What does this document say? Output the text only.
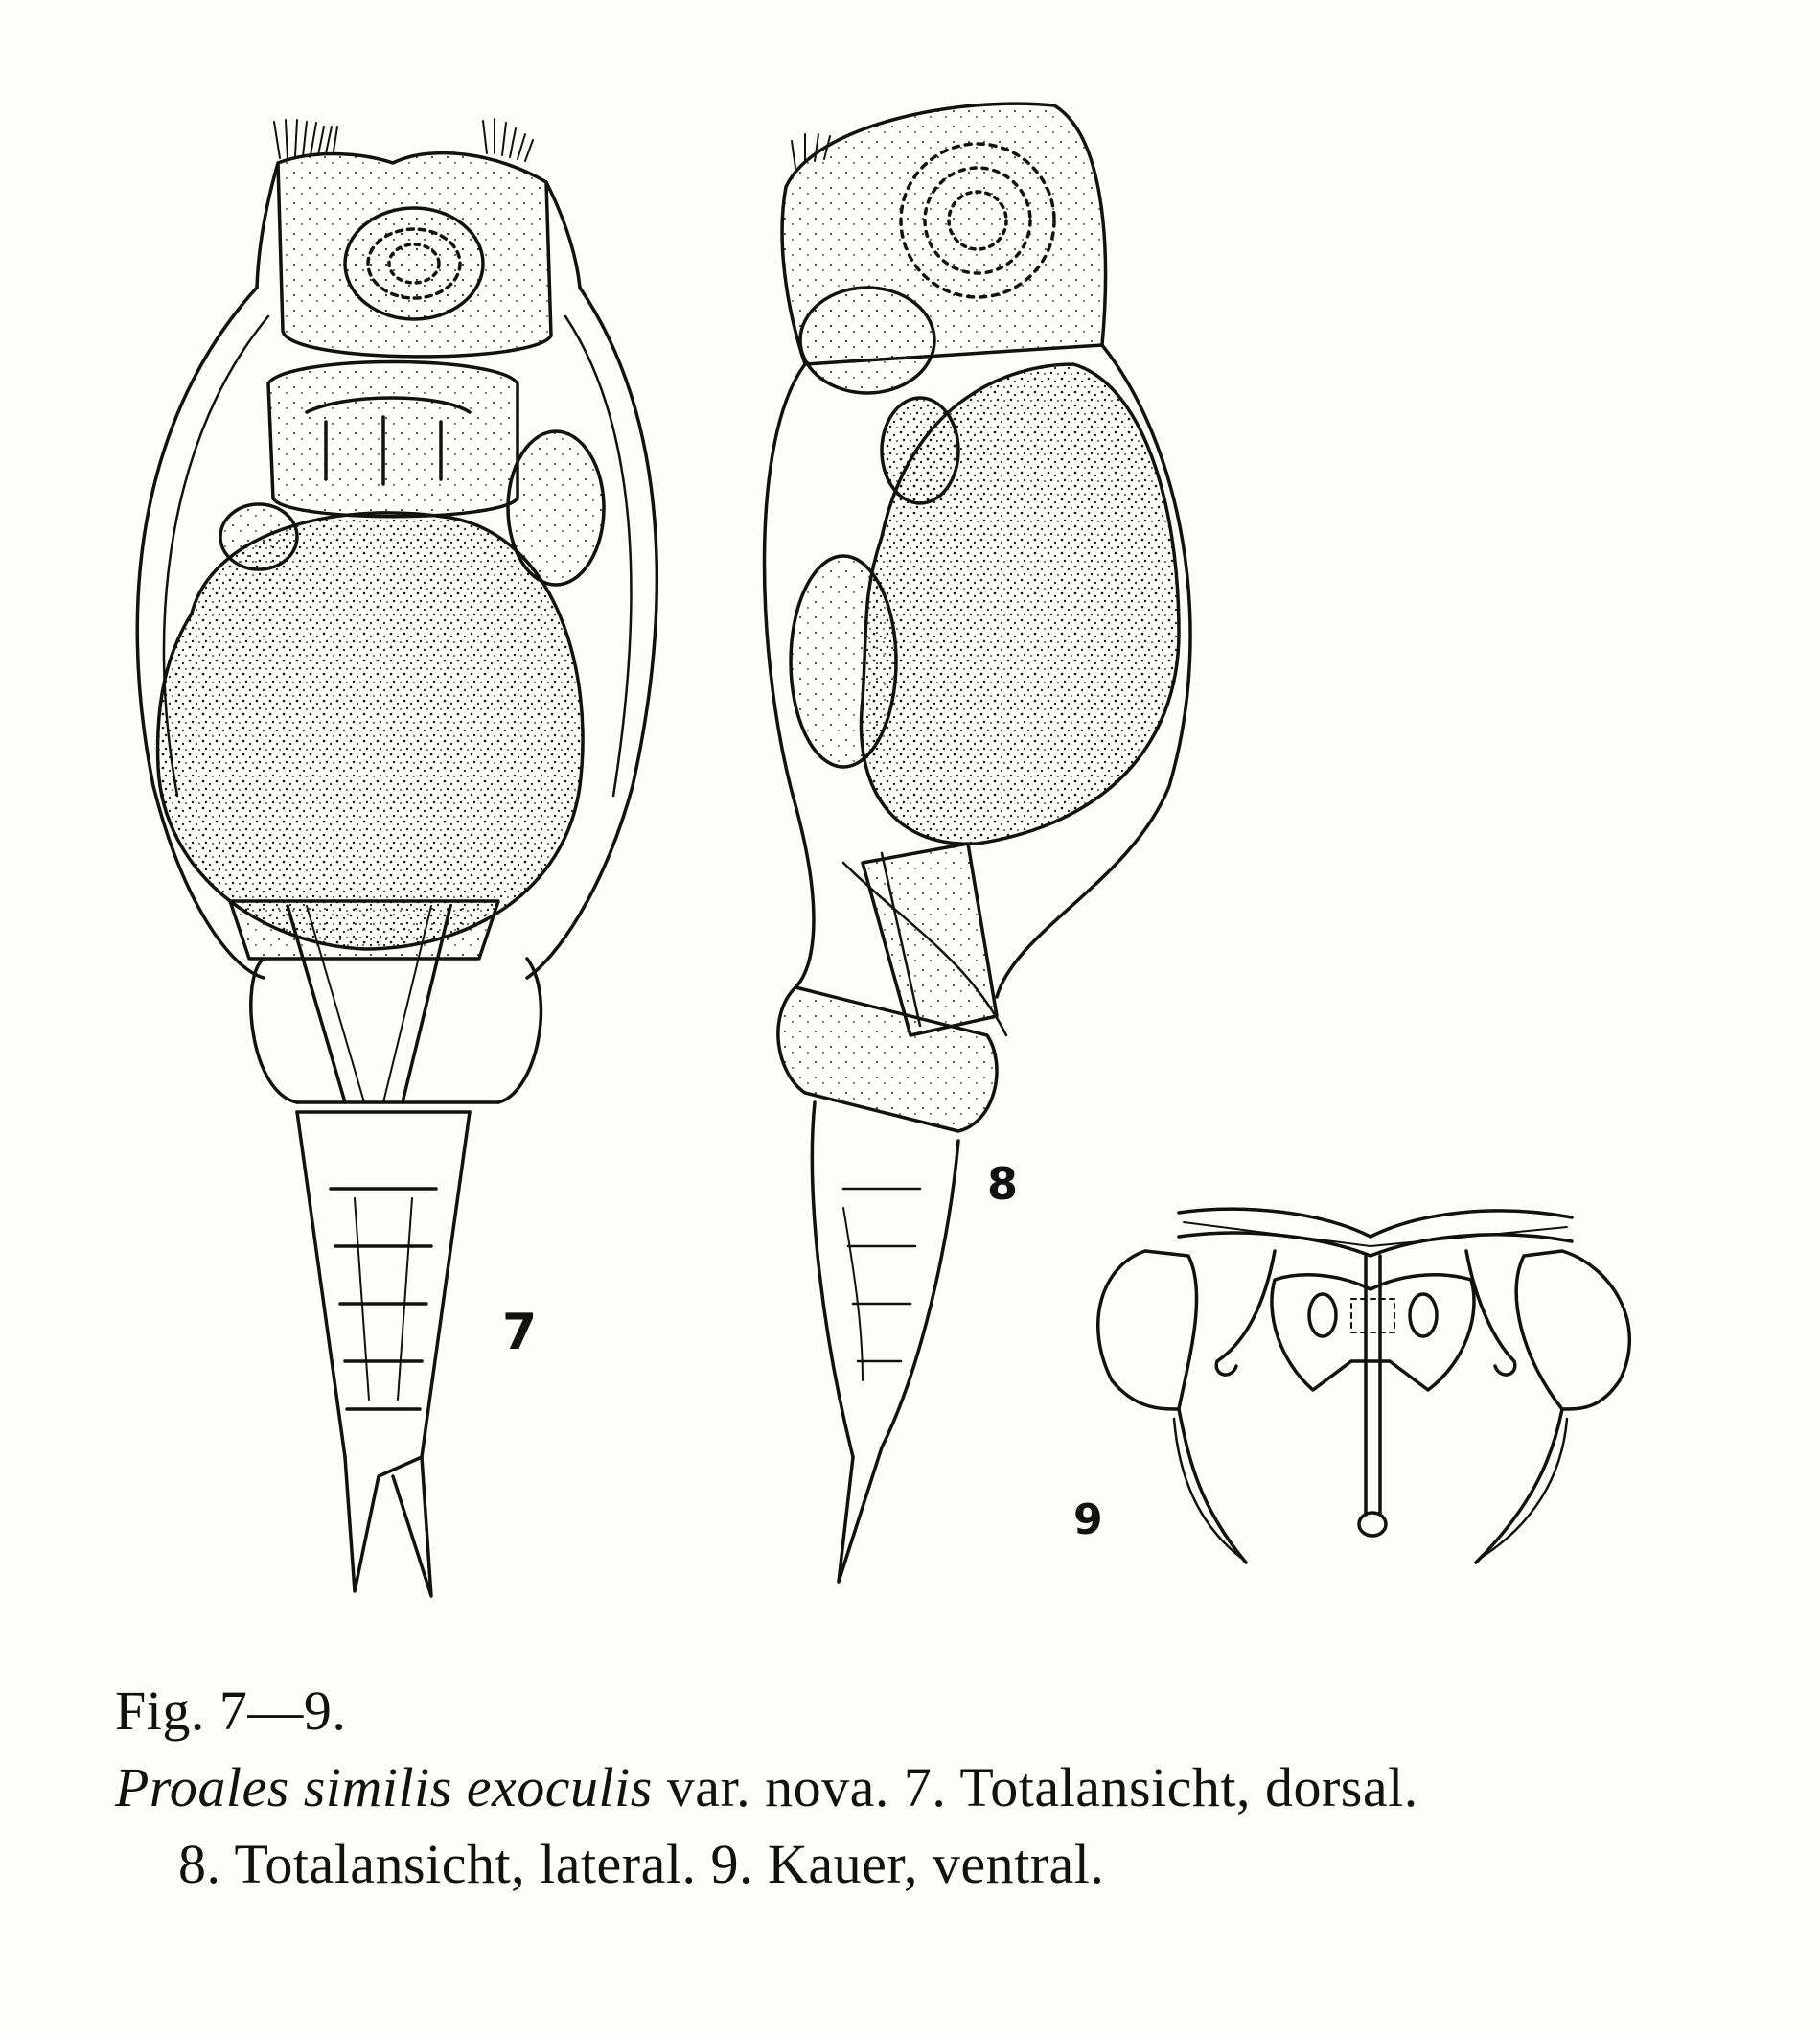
7
8
9
Fig. 7—9.
Proales similis exoculis var. nova. 7. Totalansicht, dorsal.
8. Totalansicht, lateral. 9. Kauer, ventral.
